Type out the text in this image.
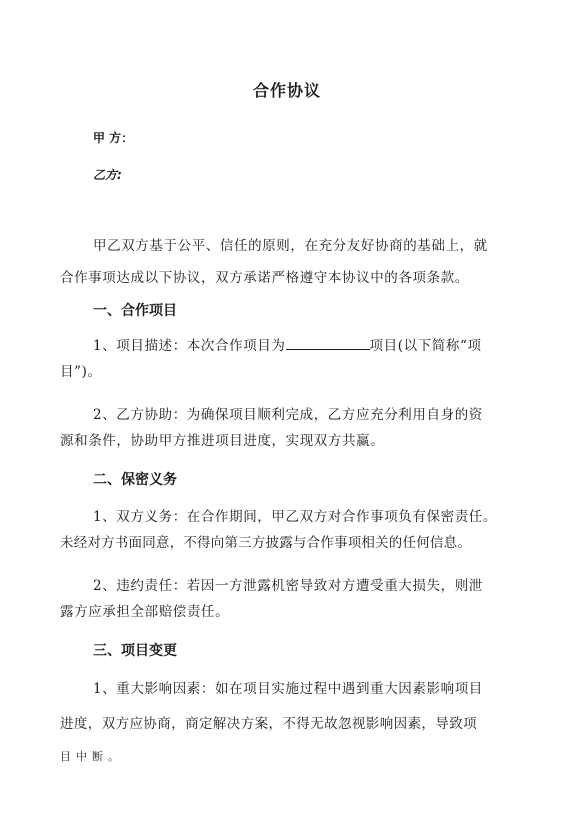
合作协议
甲 方：
乙方:
甲乙双方基于公平、信任的原则，在充分友好协商的基础上，就
合作事项达成以下协议，双方承诺严格遵守本协议中的各项条款。
一、合作项目
1、项目描述：本次合作项目为	项目(以下简称“项
目”)。
2、乙方协助：为确保项目顺利完成，乙方应充分利用自身的资
源和条件，协助甲方推进项目进度，实现双方共赢。
二、保密义务
1、双方义务：在合作期间，甲乙双方对合作事项负有保密责任。
未经对方书面同意，不得向第三方披露与合作事项相关的任何信息。
2、违约责任：若因一方泄露机密导致对方遭受重大损失，则泄
露方应承担全部赔偿责任。
三、项目变更
1、重大影响因素：如在项目实施过程中遇到重大因素影响项目
进度，双方应协商，商定解决方案，不得无故忽视影响因素，导致项
目中断。
